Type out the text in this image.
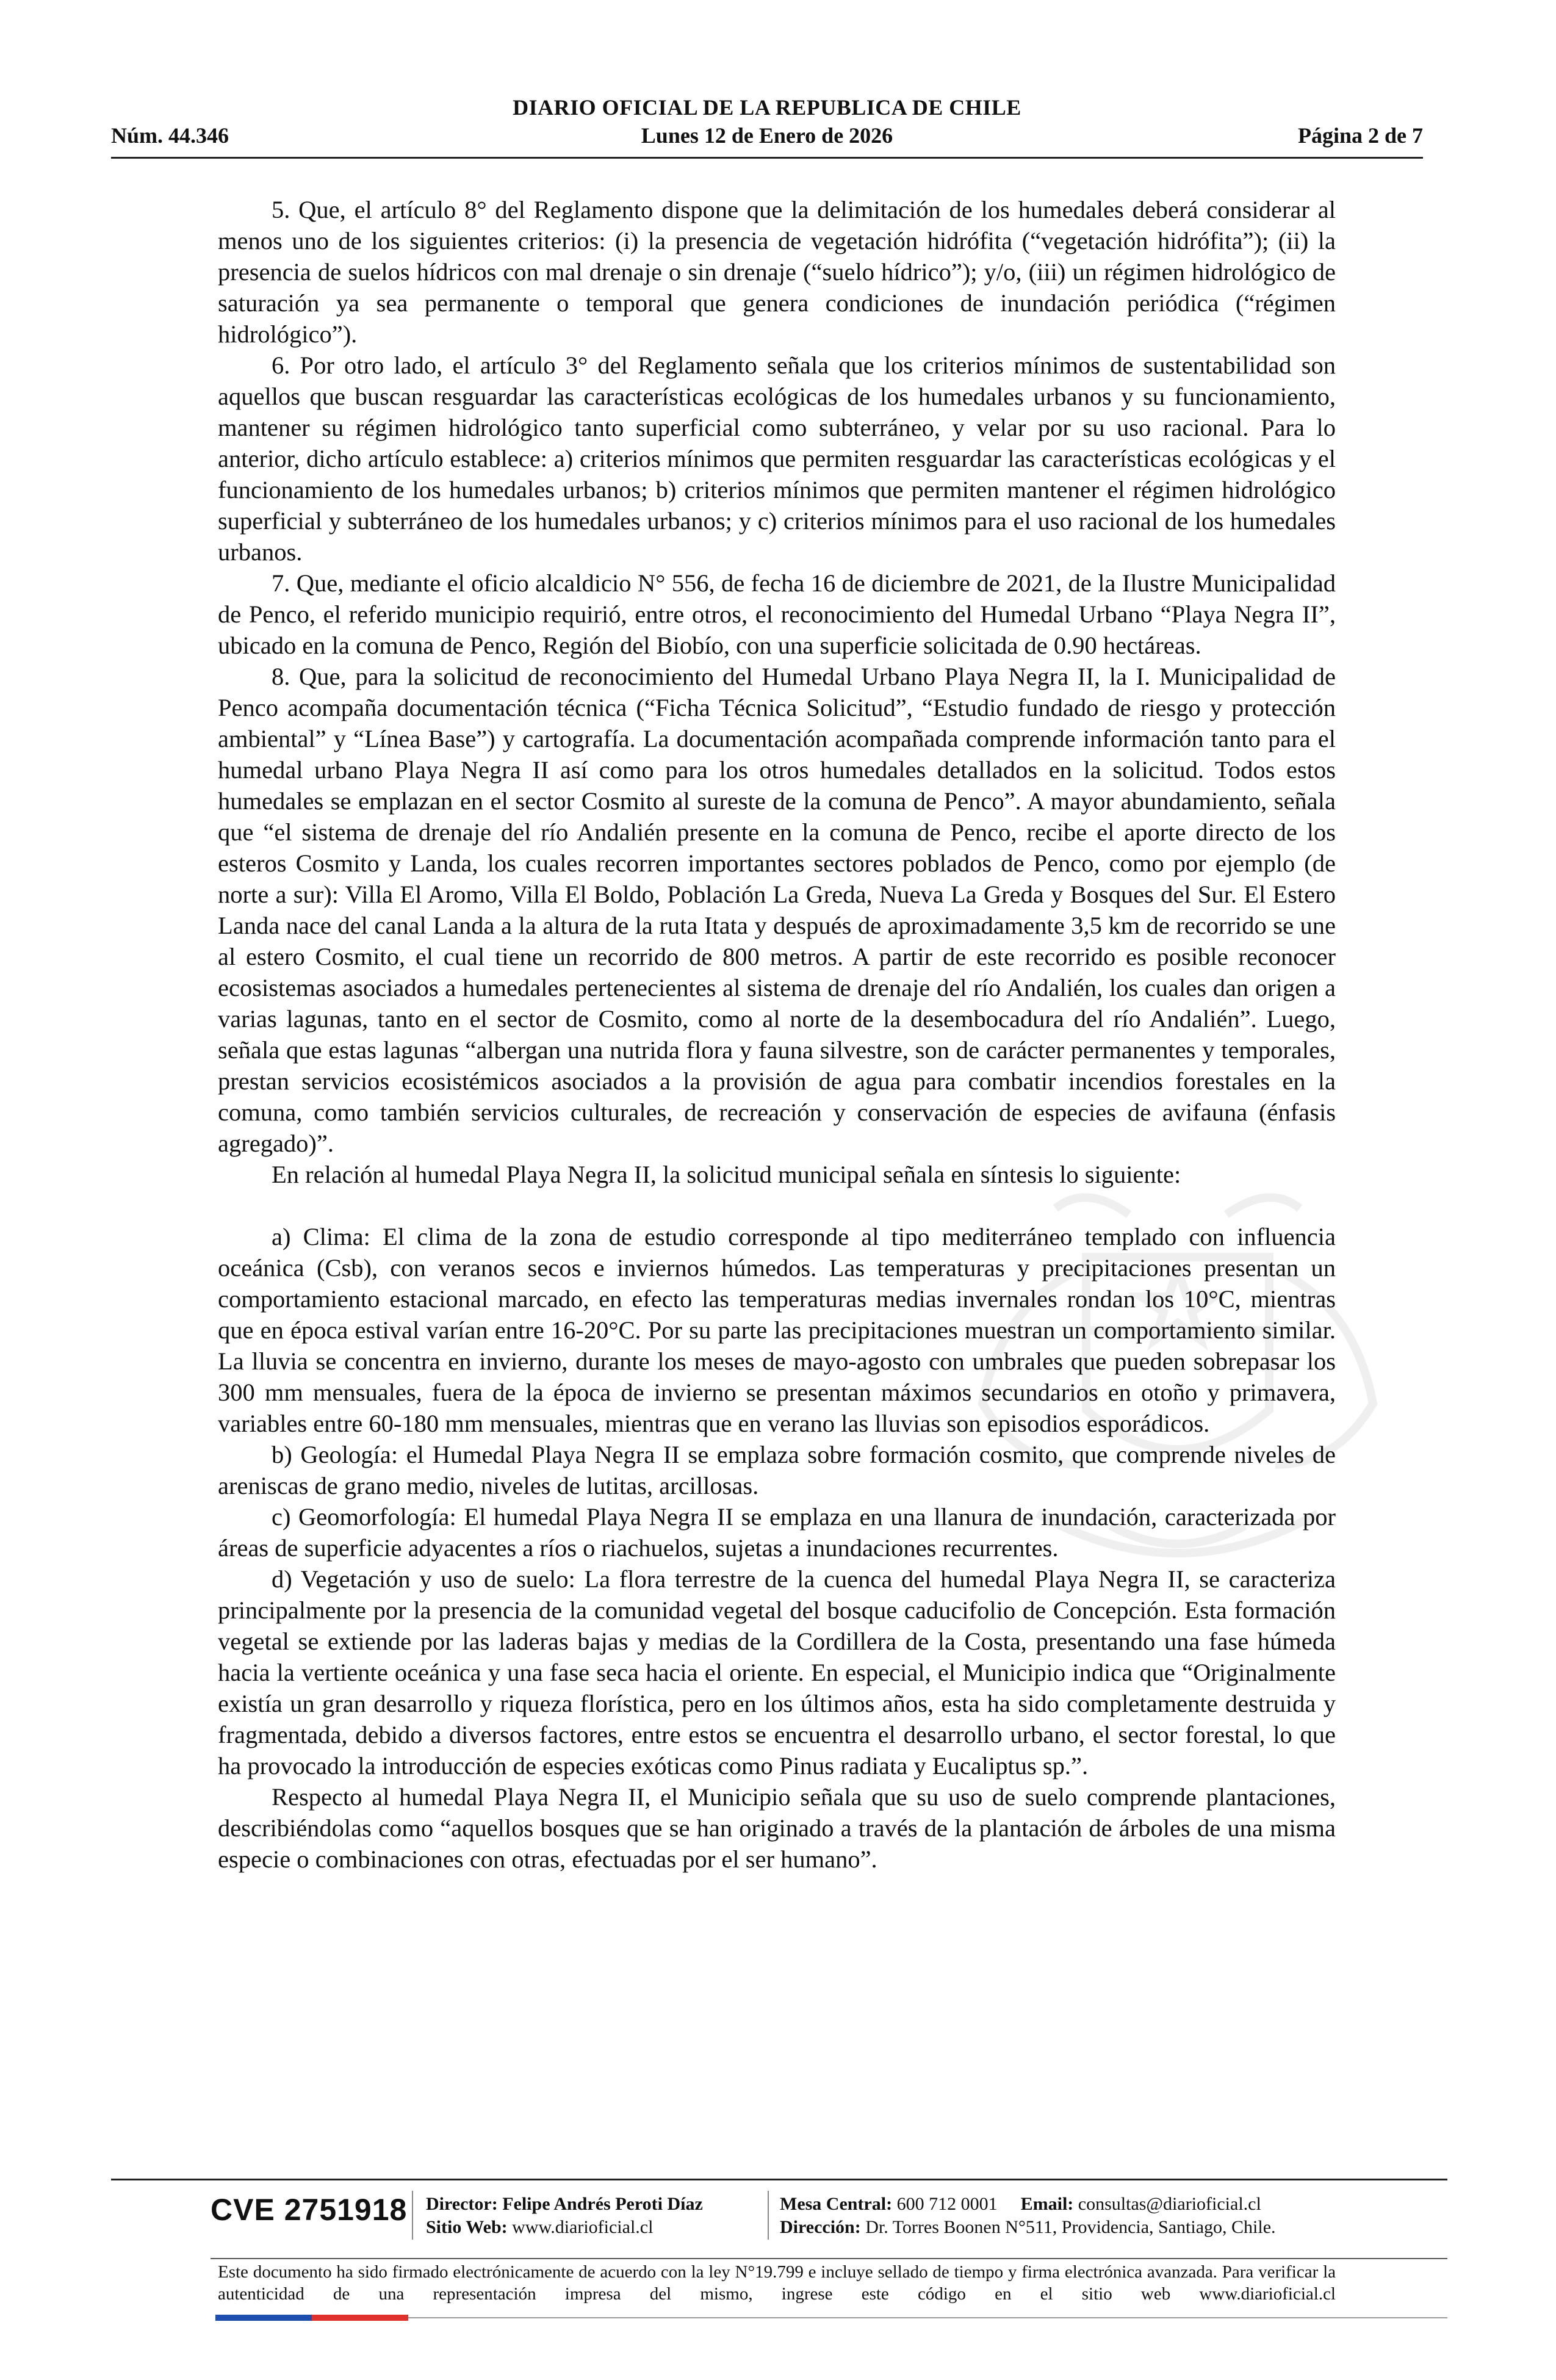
DIARIO OFICIAL DE LA REPUBLICA DE CHILE
Núm. 44.346	Lunes 12 de Enero de 2026	Página 2 de 7

5. Que, el artículo 8° del Reglamento dispone que la delimitación de los humedales deberá considerar al menos uno de los siguientes criterios: (i) la presencia de vegetación hidrófita (“vegetación hidrófita”); (ii) la presencia de suelos hídricos con mal drenaje o sin drenaje (“suelo hídrico”); y/o, (iii) un régimen hidrológico de saturación ya sea permanente o temporal que genera condiciones de inundación periódica (“régimen hidrológico”).

6. Por otro lado, el artículo 3° del Reglamento señala que los criterios mínimos de sustentabilidad son aquellos que buscan resguardar las características ecológicas de los humedales urbanos y su funcionamiento, mantener su régimen hidrológico tanto superficial como subterráneo, y velar por su uso racional. Para lo anterior, dicho artículo establece: a) criterios mínimos que permiten resguardar las características ecológicas y el funcionamiento de los humedales urbanos; b) criterios mínimos que permiten mantener el régimen hidrológico superficial y subterráneo de los humedales urbanos; y c) criterios mínimos para el uso racional de los humedales urbanos.

7. Que, mediante el oficio alcaldicio N° 556, de fecha 16 de diciembre de 2021, de la Ilustre Municipalidad de Penco, el referido municipio requirió, entre otros, el reconocimiento del Humedal Urbano “Playa Negra II”, ubicado en la comuna de Penco, Región del Biobío, con una superficie solicitada de 0.90 hectáreas.

8. Que, para la solicitud de reconocimiento del Humedal Urbano Playa Negra II, la I. Municipalidad de Penco acompaña documentación técnica (“Ficha Técnica Solicitud”, “Estudio fundado de riesgo y protección ambiental” y “Línea Base”) y cartografía. La documentación acompañada comprende información tanto para el humedal urbano Playa Negra II así como para los otros humedales detallados en la solicitud. Todos estos humedales se emplazan en el sector Cosmito al sureste de la comuna de Penco”. A mayor abundamiento, señala que “el sistema de drenaje del río Andalién presente en la comuna de Penco, recibe el aporte directo de los esteros Cosmito y Landa, los cuales recorren importantes sectores poblados de Penco, como por ejemplo (de norte a sur): Villa El Aromo, Villa El Boldo, Población La Greda, Nueva La Greda y Bosques del Sur. El Estero Landa nace del canal Landa a la altura de la ruta Itata y después de aproximadamente 3,5 km de recorrido se une al estero Cosmito, el cual tiene un recorrido de 800 metros. A partir de este recorrido es posible reconocer ecosistemas asociados a humedales pertenecientes al sistema de drenaje del río Andalién, los cuales dan origen a varias lagunas, tanto en el sector de Cosmito, como al norte de la desembocadura del río Andalién”. Luego, señala que estas lagunas “albergan una nutrida flora y fauna silvestre, son de carácter permanentes y temporales, prestan servicios ecosistémicos asociados a la provisión de agua para combatir incendios forestales en la comuna, como también servicios culturales, de recreación y conservación de especies de avifauna (énfasis agregado)”.

En relación al humedal Playa Negra II, la solicitud municipal señala en síntesis lo siguiente:

a) Clima: El clima de la zona de estudio corresponde al tipo mediterráneo templado con influencia oceánica (Csb), con veranos secos e inviernos húmedos. Las temperaturas y precipitaciones presentan un comportamiento estacional marcado, en efecto las temperaturas medias invernales rondan los 10°C, mientras que en época estival varían entre 16-20°C. Por su parte las precipitaciones muestran un comportamiento similar. La lluvia se concentra en invierno, durante los meses de mayo-agosto con umbrales que pueden sobrepasar los 300 mm mensuales, fuera de la época de invierno se presentan máximos secundarios en otoño y primavera, variables entre 60-180 mm mensuales, mientras que en verano las lluvias son episodios esporádicos.

b) Geología: el Humedal Playa Negra II se emplaza sobre formación cosmito, que comprende niveles de areniscas de grano medio, niveles de lutitas, arcillosas.

c) Geomorfología: El humedal Playa Negra II se emplaza en una llanura de inundación, caracterizada por áreas de superficie adyacentes a ríos o riachuelos, sujetas a inundaciones recurrentes.

d) Vegetación y uso de suelo: La flora terrestre de la cuenca del humedal Playa Negra II, se caracteriza principalmente por la presencia de la comunidad vegetal del bosque caducifolio de Concepción. Esta formación vegetal se extiende por las laderas bajas y medias de la Cordillera de la Costa, presentando una fase húmeda hacia la vertiente oceánica y una fase seca hacia el oriente. En especial, el Municipio indica que “Originalmente existía un gran desarrollo y riqueza florística, pero en los últimos años, esta ha sido completamente destruida y fragmentada, debido a diversos factores, entre estos se encuentra el desarrollo urbano, el sector forestal, lo que ha provocado la introducción de especies exóticas como Pinus radiata y Eucaliptus sp.”.

Respecto al humedal Playa Negra II, el Municipio señala que su uso de suelo comprende plantaciones, describiéndolas como “aquellos bosques que se han originado a través de la plantación de árboles de una misma especie o combinaciones con otras, efectuadas por el ser humano”.

CVE 2751918 Director: Felipe Andrés Peroti Díaz
Sitio Web: www.diarioficial.cl
Mesa Central: 600 712 0001 Email: consultas@diarioficial.cl
Dirección: Dr. Torres Boonen N°511, Providencia, Santiago, Chile.
Este documento ha sido firmado electrónicamente de acuerdo con la ley N°19.799 e incluye sellado de tiempo y firma electrónica avanzada. Para verificar la autenticidad de una representación impresa del mismo, ingrese este código en el sitio web www.diarioficial.cl
